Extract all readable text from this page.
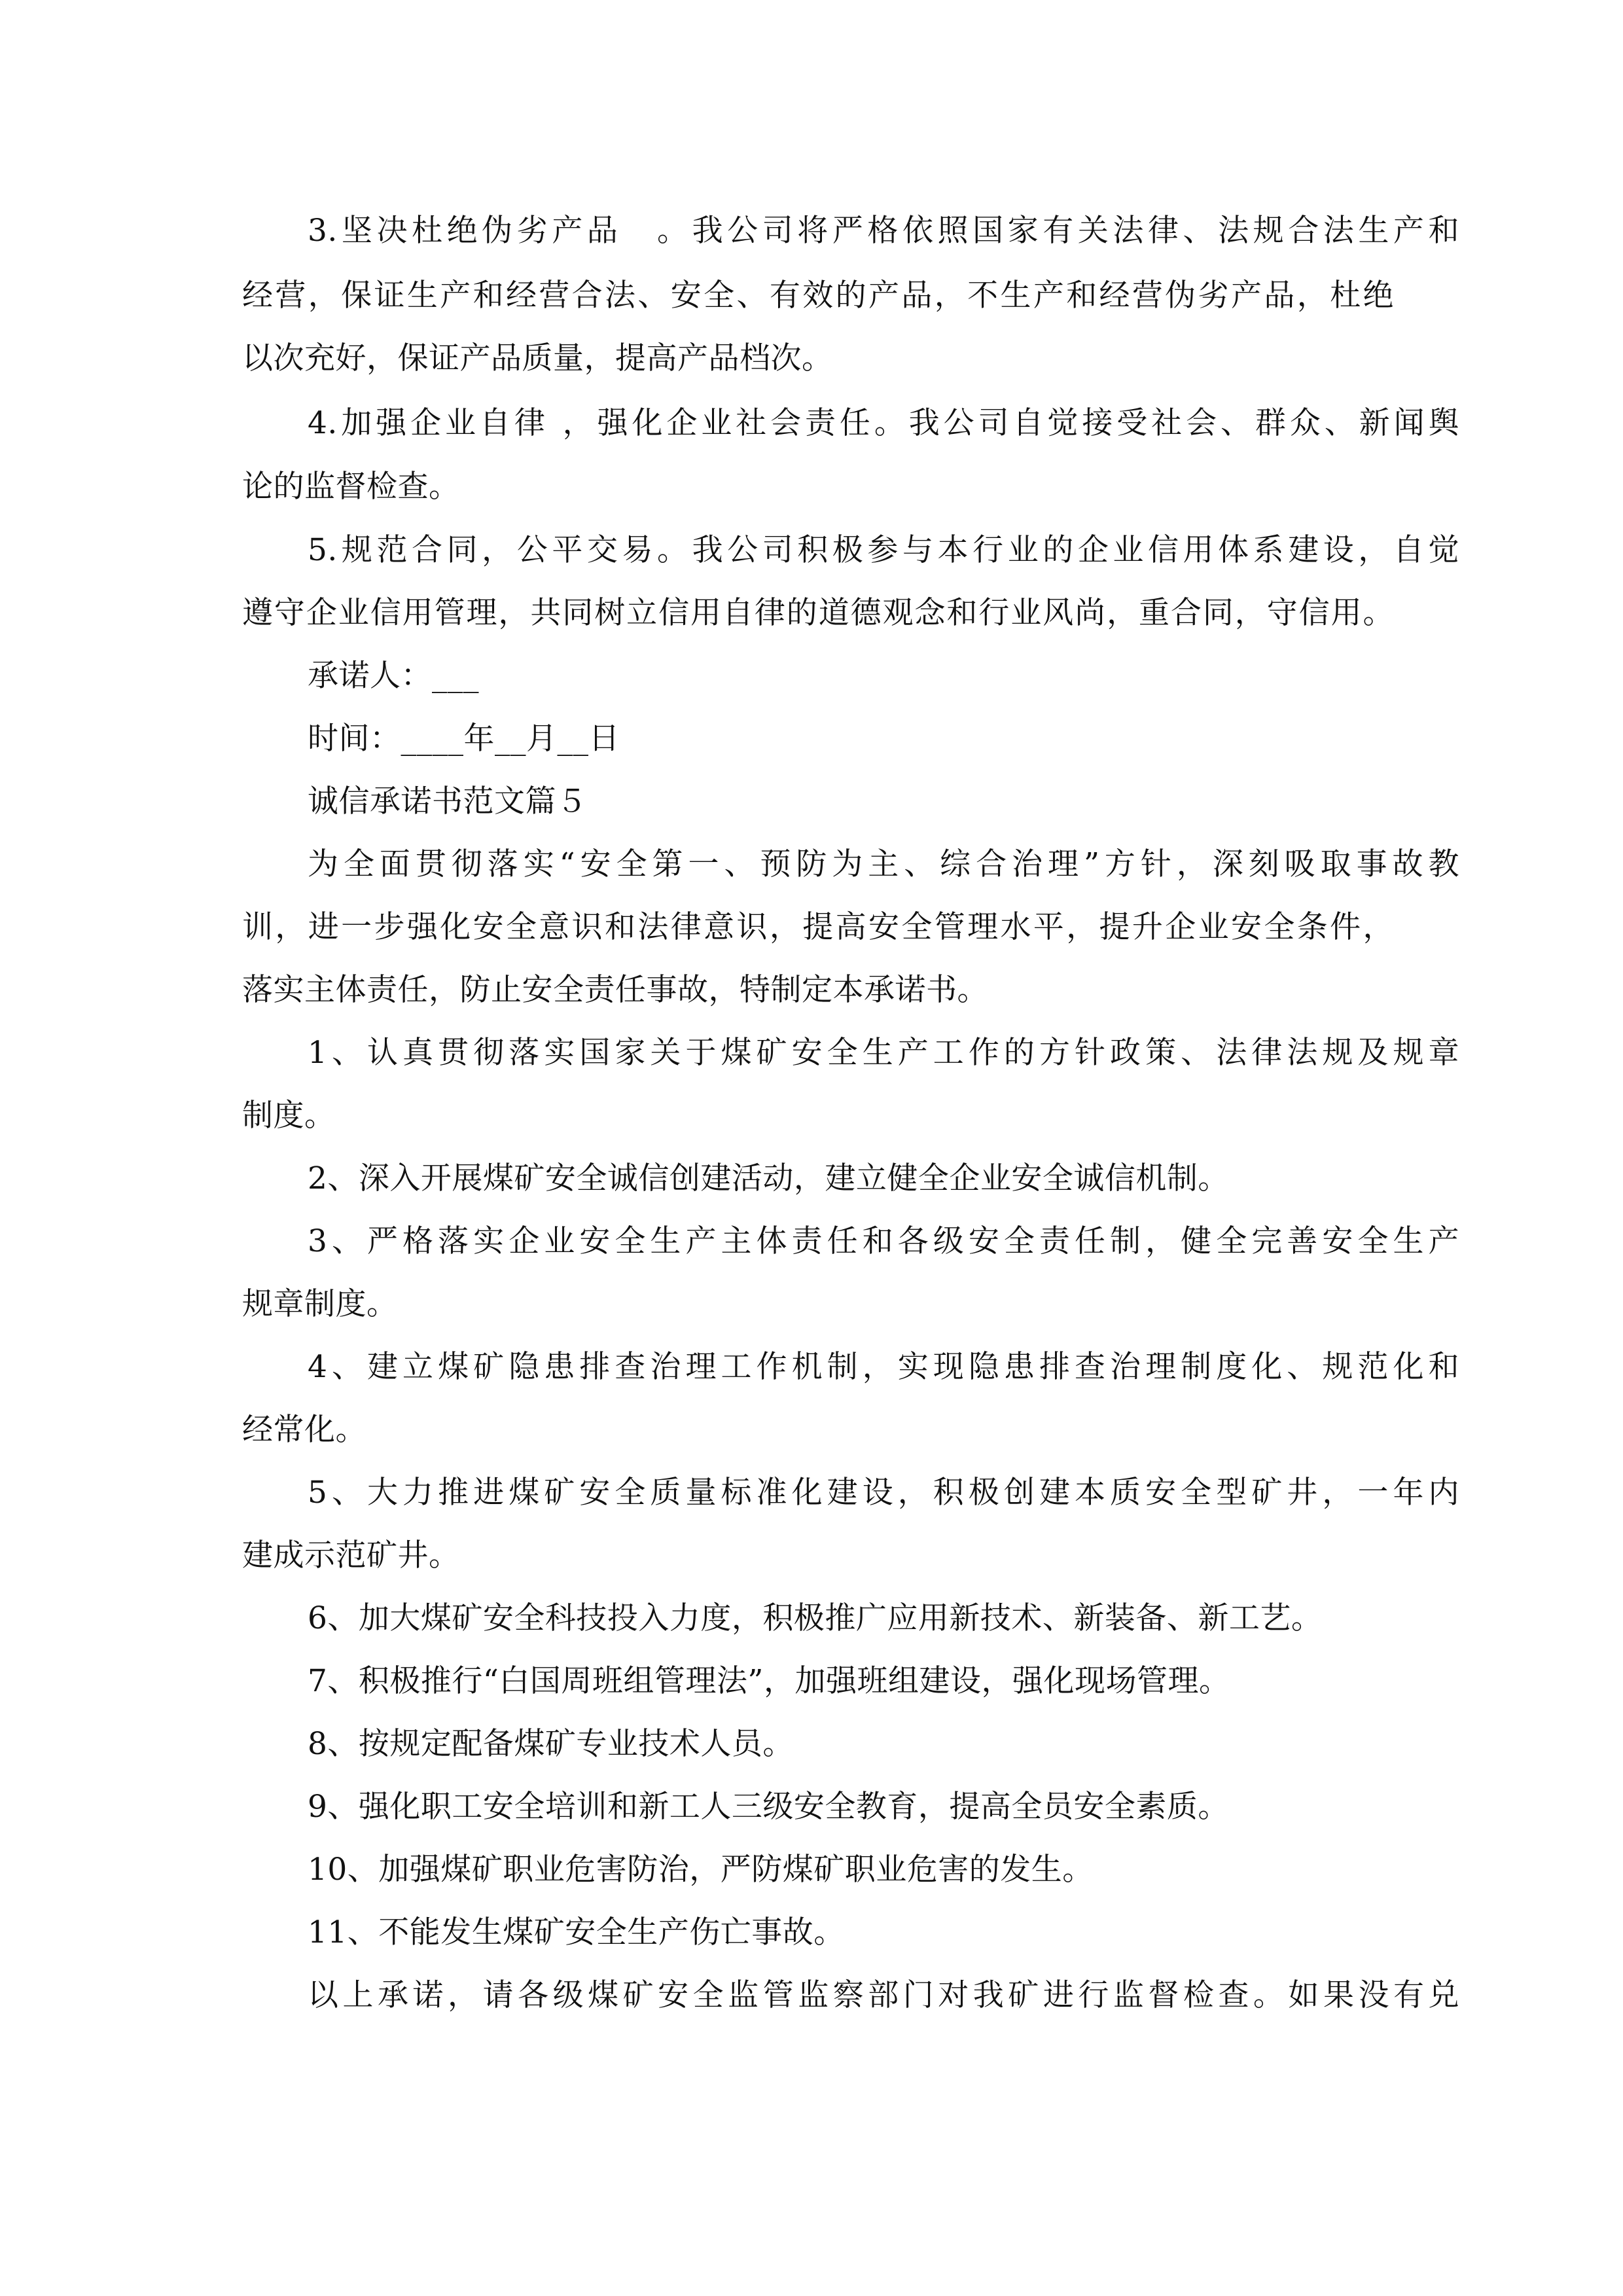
3.坚决杜绝伪劣产品　。我公司将严格依照国家有关法律、法规合法生产和
经营，保证生产和经营合法、安全、有效的产品，不生产和经营伪劣产品，杜绝
以次充好，保证产品质量，提高产品档次。
4.加强企业自律 ，强化企业社会责任。我公司自觉接受社会、群众、新闻舆
论的监督检查。
5.规范合同，公平交易。我公司积极参与本行业的企业信用体系建设，自觉
遵守企业信用管理，共同树立信用自律的道德观念和行业风尚，重合同，守信用。
承诺人：___
时间：____年__月__日
诚信承诺书范文篇５
为全面贯彻落实“安全第一、预防为主、综合治理”方针，深刻吸取事故教
训，进一步强化安全意识和法律意识，提高安全管理水平，提升企业安全条件，
落实主体责任，防止安全责任事故，特制定本承诺书。
1、认真贯彻落实国家关于煤矿安全生产工作的方针政策、法律法规及规章
制度。
2、深入开展煤矿安全诚信创建活动，建立健全企业安全诚信机制。
3、严格落实企业安全生产主体责任和各级安全责任制，健全完善安全生产
规章制度。
4、建立煤矿隐患排查治理工作机制，实现隐患排查治理制度化、规范化和
经常化。
5、大力推进煤矿安全质量标准化建设，积极创建本质安全型矿井，一年内
建成示范矿井。
6、加大煤矿安全科技投入力度，积极推广应用新技术、新装备、新工艺。
7、积极推行“白国周班组管理法”，加强班组建设，强化现场管理。
8、按规定配备煤矿专业技术人员。
9、强化职工安全培训和新工人三级安全教育，提高全员安全素质。
10、加强煤矿职业危害防治，严防煤矿职业危害的发生。
11、不能发生煤矿安全生产伤亡事故。
以上承诺，请各级煤矿安全监管监察部门对我矿进行监督检查。如果没有兑
